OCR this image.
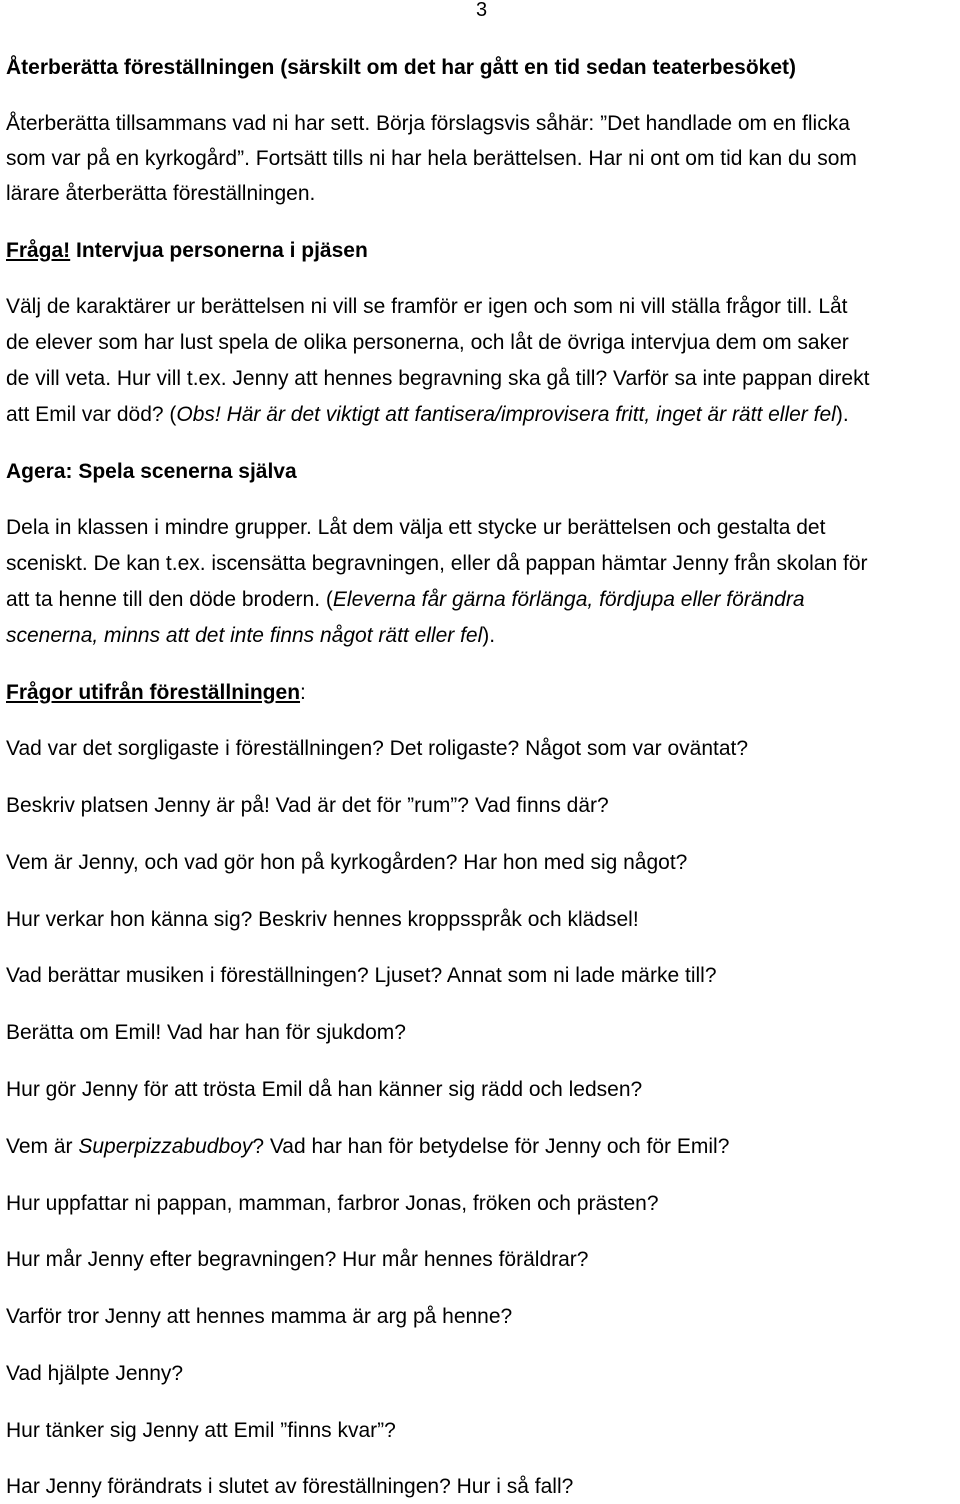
3
Återberätta föreställningen (särskilt om det har gått en tid sedan teaterbesöket)
Återberätta tillsammans vad ni har sett. Börja förslagsvis såhär: ”Det handlade om en flicka
som var på en kyrkogård”. Fortsätt tills ni har hela berättelsen. Har ni ont om tid kan du som
lärare återberätta föreställningen.
Fråga! Intervjua personerna i pjäsen
Välj de karaktärer ur berättelsen ni vill se framför er igen och som ni vill ställa frågor till. Låt
de elever som har lust spela de olika personerna, och låt de övriga intervjua dem om saker
de vill veta. Hur vill t.ex. Jenny att hennes begravning ska gå till? Varför sa inte pappan direkt
att Emil var död? (Obs! Här är det viktigt att fantisera/improvisera fritt, inget är rätt eller fel).
Agera: Spela scenerna själva
Dela in klassen i mindre grupper. Låt dem välja ett stycke ur berättelsen och gestalta det
sceniskt. De kan t.ex. iscensätta begravningen, eller då pappan hämtar Jenny från skolan för
att ta henne till den döde brodern. (Eleverna får gärna förlänga, fördjupa eller förändra
scenerna, minns att det inte finns något rätt eller fel).
Frågor utifrån föreställningen:
Vad var det sorgligaste i föreställningen? Det roligaste? Något som var oväntat?
Beskriv platsen Jenny är på! Vad är det för ”rum”? Vad finns där?
Vem är Jenny, och vad gör hon på kyrkogården? Har hon med sig något?
Hur verkar hon känna sig? Beskriv hennes kroppsspråk och klädsel!
Vad berättar musiken i föreställningen? Ljuset? Annat som ni lade märke till?
Berätta om Emil! Vad har han för sjukdom?
Hur gör Jenny för att trösta Emil då han känner sig rädd och ledsen?
Vem är Superpizzabudboy? Vad har han för betydelse för Jenny och för Emil?
Hur uppfattar ni pappan, mamman, farbror Jonas, fröken och prästen?
Hur mår Jenny efter begravningen? Hur mår hennes föräldrar?
Varför tror Jenny att hennes mamma är arg på henne?
Vad hjälpte Jenny?
Hur tänker sig Jenny att Emil ”finns kvar”?
Har Jenny förändrats i slutet av föreställningen? Hur i så fall?
